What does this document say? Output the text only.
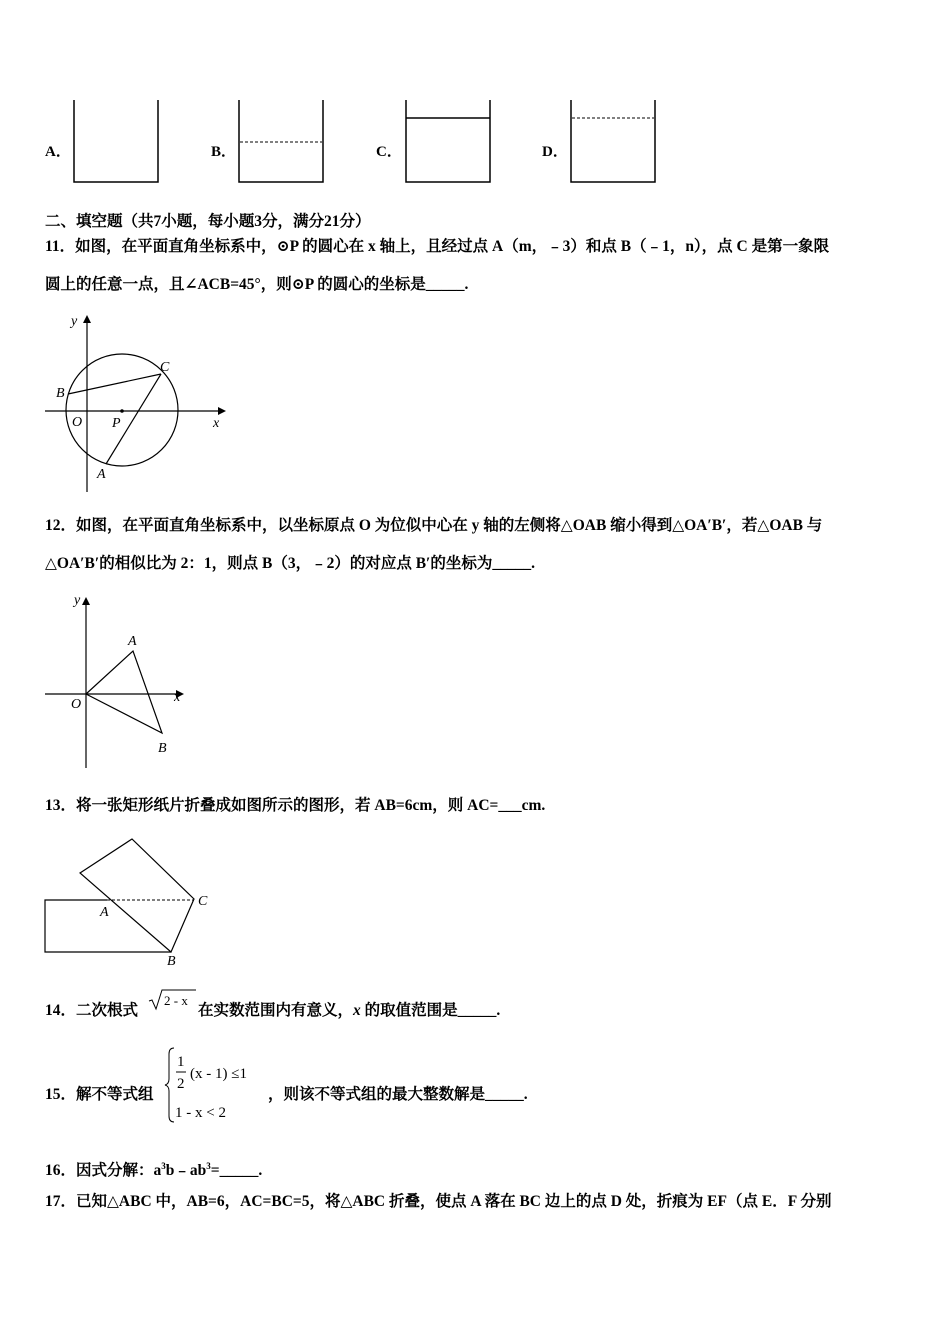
A．	B．	C．	D．
二、填空题（共7小题，每小题3分，满分21分）
11．如图，在平面直角坐标系中，⊙P 的圆心在 x 轴上，且经过点 A（m，﹣3）和点 B（﹣1，n），点 C 是第一象限
圆上的任意一点，且∠ACB=45°，则⊙P 的圆心的坐标是_____.
y
x
O P
B
C
A
12．如图，在平面直角坐标系中，以坐标原点 O 为位似中心在 y 轴的左侧将△OAB 缩小得到△OA′B′，若△OAB 与
△OA′B′的相似比为 2：1，则点 B（3，﹣2）的对应点 B′的坐标为_____.
y
x
O
A
B
13．将一张矩形纸片折叠成如图所示的图形，若 AB=6cm，则 AC=___cm.
A
C
B
14．二次根式
2 - x
在实数范围内有意义，x 的取值范围是_____.
15．解不等式组
1
2
(x - 1) ≤1
1 - x < 2
，则该不等式组的最大整数解是_____.
16．因式分解：$a^3b﹣ab^3=\_\_\_\_\_$.
17．已知△ABC 中，AB=6，AC=BC=5，将△ABC 折叠，使点 A 落在 BC 边上的点 D 处，折痕为 EF（点 E．F 分别
